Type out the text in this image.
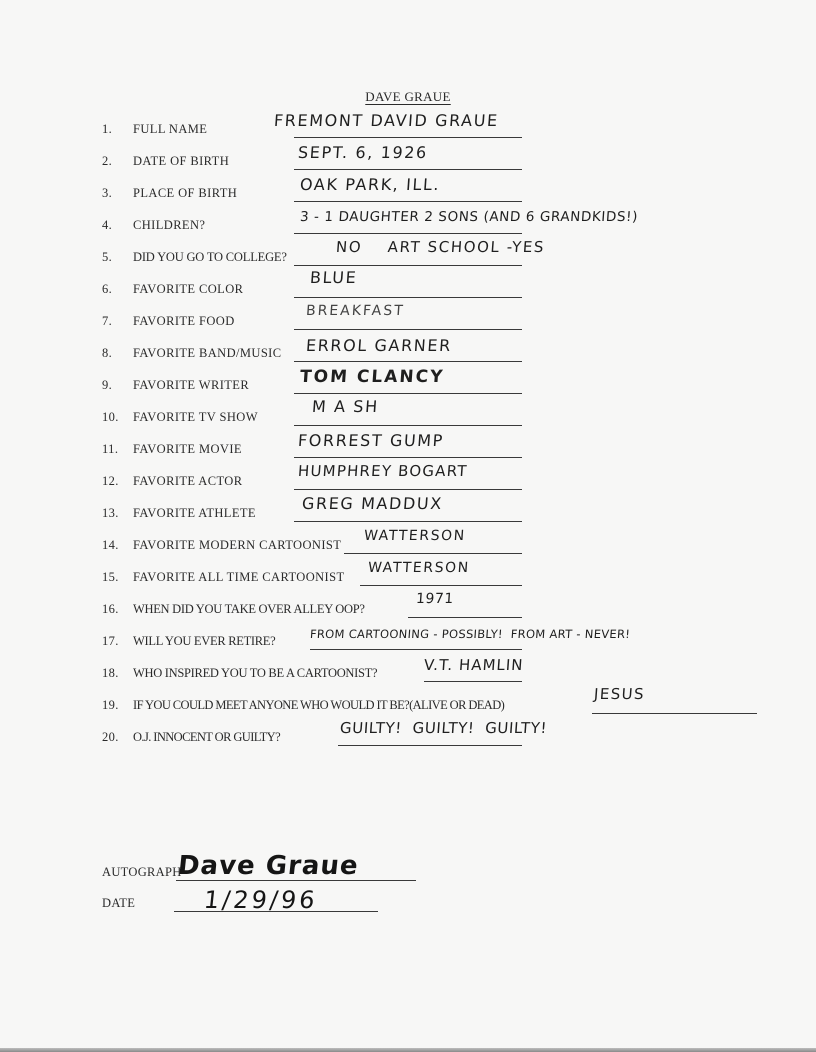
DAVE GRAUE
1. FULL NAME	FREMONT DAVID GRAUE
2. DATE OF BIRTH	SEPT. 6, 1926
3. PLACE OF BIRTH	OAK PARK, ILL.
4. CHILDREN?	3 - 1 DAUGHTER 2 SONS (AND 6 GRANDKIDS!)
5. DID YOU GO TO COLLEGE?
NO    ART SCHOOL -YES
6. FAVORITE COLOR
BLUE
7. FAVORITE FOOD
BREAKFAST
8. FAVORITE BAND/MUSIC ERROL GARNER
9. FAVORITE WRITER	TOM CLANCY
10. FAVORITE TV SHOW
M A SH
11. FAVORITE MOVIE	FORREST GUMP
12. FAVORITE ACTOR
HUMPHREY BOGART
13. FAVORITE ATHLETE	GREG MADDUX
14. FAVORITE MODERN CARTOONIST
WATTERSON
15. FAVORITE ALL TIME CARTOONIST
WATTERSON
16. WHEN DID YOU TAKE OVER ALLEY OOP?
1971
17. WILL YOU EVER RETIRE?	FROM CARTOONING - POSSIBLY!  FROM ART - NEVER!
18. WHO INSPIRED YOU TO BE A CARTOONIST?	V.T. HAMLIN
19. IF YOU COULD MEET ANYONE WHO WOULD IT BE?(ALIVE OR DEAD)
JESUS
20. O.J. INNOCENT OR GUILTY?	GUILTY!  GUILTY!  GUILTY!
AUTOGRAPH
Dave Graue
DATE	1/29/96
